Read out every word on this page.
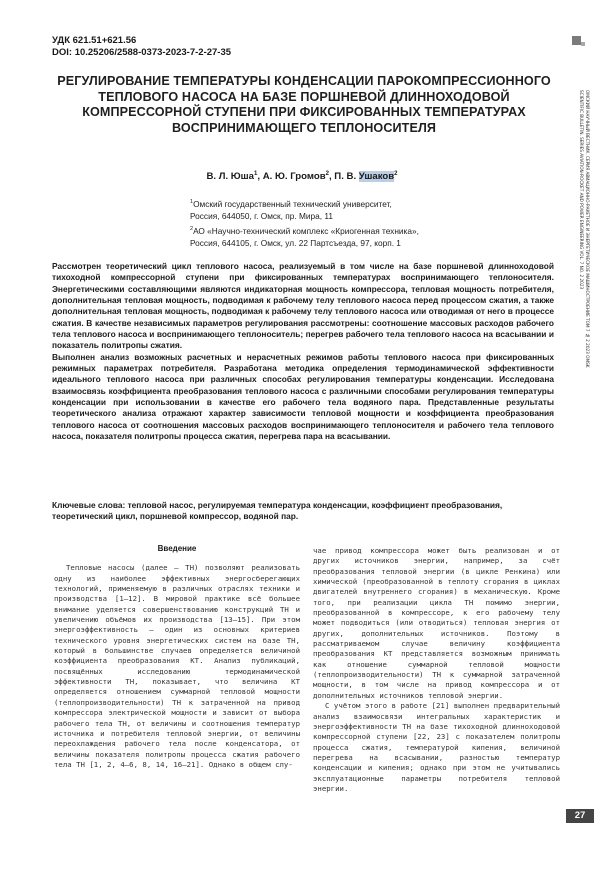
УДК 621.51+621.56
DOI: 10.25206/2588-0373-2023-7-2-27-35
РЕГУЛИРОВАНИЕ ТЕМПЕРАТУРЫ КОНДЕНСАЦИИ ПАРОКОМПРЕССИОННОГО ТЕПЛОВОГО НАСОСА НА БАЗЕ ПОРШНЕВОЙ ДЛИННОХОДОВОЙ КОМПРЕССОРНОЙ СТУПЕНИ ПРИ ФИКСИРОВАННЫХ ТЕМПЕРАТУРАХ ВОСПРИНИМАЮЩЕГО ТЕПЛОНОСИТЕЛЯ
В. Л. Юша$^1$, А. Ю. Громов$^2$, П. В. Ушаков$^2$
$^1$Омский государственный технический университет,
Россия, 644050, г. Омск, пр. Мира, 11
$^2$АО «Научно-технический комплекс «Криогенная техника»,
Россия, 644105, г. Омск, ул. 22 Партсъезда, 97, корп. 1

Рассмотрен теоретический цикл теплового насоса, реализуемый в том числе на базе поршневой длинноходовой тихоходной компрессорной ступени при фиксированных температурах воспринимающего теплоносителя. Энергетическими составляющими являются индикаторная мощность компрессора, тепловая мощность потребителя, дополнительная тепловая мощность, подводимая к рабочему телу теплового насоса перед процессом сжатия, а также дополнительная тепловая мощность, подводимая к рабочему телу теплового насоса или отводимая от него в процессе сжатия. В качестве независимых параметров регулирования рассмотрены: соотношение массовых расходов рабочего тела теплового насоса и воспринимающего теплоноситель; перегрев рабочего тела теплового насоса на всасывании и показатель политропы сжатия.

Выполнен анализ возможных расчетных и нерасчетных режимов работы теплового насоса при фиксированных режимных параметрах потребителя. Разработана методика определения термодинамической эффективности идеального теплового насоса при различных способах регулирования температуры конденсации. Исследована взаимосвязь коэффициента преобразования теплового насоса с различными способами регулирования температуры конденсации при использовании в качестве его рабочего тела водяного пара. Представленные результаты теоретического анализа отражают характер зависимости тепловой мощности и коэффициента преобразования теплового насоса от соотношения массовых расходов воспринимающего теплоносителя и рабочего тела теплового насоса, показателя политропы процесса сжатия, перегрева пара на всасывании.

Ключевые слова: тепловой насос, регулируемая температура конденсации, коэффициент преобразования, теоретический цикл, поршневой компрессор, водяной пар.
Введение

Тепловые насосы (далее — ТН) позволяют реализовать одну из наиболее эффективных энергосберегающих технологий, применяемую в различных отраслях техники и производства [1–12]. В мировой практике всё большее внимание уделяется совершенствованию конструкций ТН и увеличению объёмов их производства [13–15]. При этом энергоэффективность — один из основных критериев технического уровня энергетических систем на базе ТН, который в большинстве случаев определяется величиной коэффициента преобразования КТ. Анализ публикаций, посвящённых исследованию термодинамической эффективности ТН, показывает, что величина КТ определяется отношением суммарной тепловой мощности (теплопроизводительности) ТН к затраченной на привод компрессора электрической мощности и зависит от выбора рабочего тела ТН, от величины и соотношения температур источника и потребителя тепловой энергии, от величины переохлаждения рабочего тела после конденсатора, от величины показателя политропы процесса сжатия рабочего тела ТН [1, 2, 4–6, 8, 14, 16–21]. Однако в общем слу-

чае привод компрессора может быть реализован и от других источников энергии, например, за счёт преобразования тепловой энергии (в цикле Ренкина) или химической (преобразованной в теплоту сгорания в циклах двигателей внутреннего сгорания) в механическую. Кроме того, при реализации цикла ТН помимо энергии, преобразованной в компрессоре, к его рабочему телу может подводиться (или отводиться) тепловая энергия от других, дополнительных источников. Поэтому в рассматриваемом случае величину коэффициента преобразования КТ представляется возможным принимать как отношение суммарной тепловой мощности (теплопроизводительности) ТН к суммарной затраченной мощности, в том числе на привод компрессора и от дополнительных источников тепловой энергии.

С учётом этого в работе [21] выполнен предварительный анализ взаимосвязи интегральных характеристик и энергоэффективности ТН на базе тихоходной длинноходовой компрессорной ступени [22, 23] с показателем политропы процесса сжатия, температурой кипения, величиной перегрева на всасывании, разностью температур конденсации и кипения; однако при этом не учитывались эксплуатационные параметры потребителя тепловой энергии.

ОМСКИЙ НАУЧНЫЙ ВЕСТНИК. СЕРИЯ АВИАЦИОННО-РАКЕТНОЕ И ЭНЕРГЕТИЧЕСКОЕ МАШИНОСТРОЕНИЕ ТОМ 7 № 2 2023 OMSK SCIENTIFIC BULLETIN. SERIES AVIATION-ROCKET AND POWER ENGINEERING VOL. 7 NO. 2 2023
27
